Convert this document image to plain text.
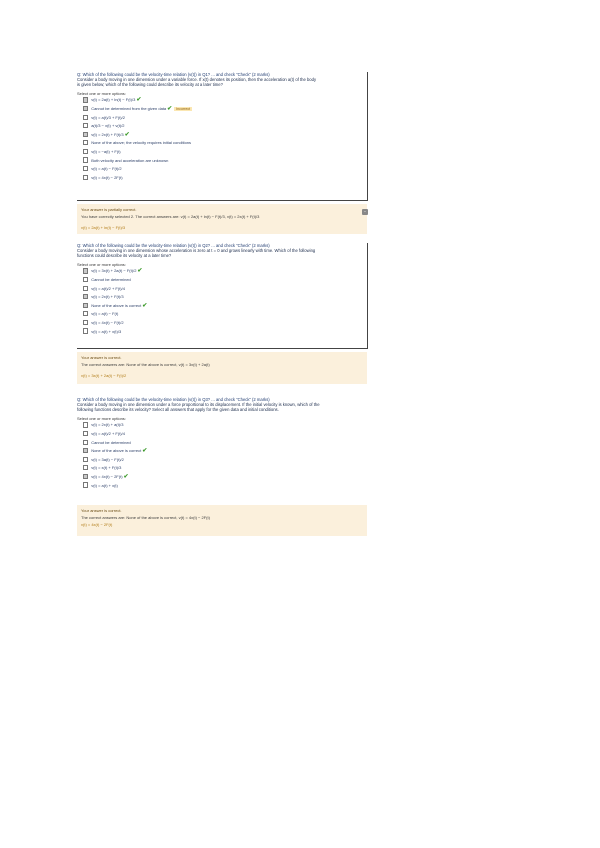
Q: Which of the following could be the velocity-time relation (v(t)) in Q1? ... and check “Check” (2 marks)
Consider a body moving in one dimension under a variable force. If x(t) denotes its position, then the acceleration a(t) of the body
is given below; which of the following could describe its velocity at a later time?
Select one or more options:
v(t) = 2a(t) + ln(t) − F(t)/3 ✔
Cannot be determined from the given data ✔	Incorrect
v(t) = a(t)/3 + F(t)/2
a(t)/3 − x(t) + v(t)/2
v(t) = 2x(t) + F(t)/3 ✔
None of the above; the velocity requires initial conditions
v(t) = −a(t) + F(t)
Both velocity and acceleration are unknown
v(t) = a(t) − F(t)/2
v(t) = 4x(t) − 2F(t)
Your answer is partially correct.
You have correctly selected 2. The correct answers are: v(t) = 2a(t) + ln(t) − F(t)/3, v(t) = 2x(t) + F(t)/3
v(t) = 2a(t) + ln(t) − F(t)/3
−
Q: Which of the following could be the velocity-time relation (v(t)) in Q2? ... and check “Check” (2 marks)
Consider a body moving in one dimension whose acceleration is zero at t = 0 and grows linearly with time. Which of the following
functions could describe its velocity at a later time?
Select one or more options:
v(t) = 3x(t) + 2a(t) − F(t)/2 ✔
Cannot be determined
v(t) = a(t)/2 + F(t)/4
v(t) = 2x(t) + F(t)/3
None of the above is correct ✔
v(t) = a(t) − F(t)
v(t) = 4x(t) − F(t)/2
v(t) = a(t) + x(t)/3
Your answer is correct.
The correct answers are: None of the above is correct, v(t) = 3x(t) + 2a(t)
v(t) = 3x(t) + 2a(t) − F(t)/2
Q: Which of the following could be the velocity-time relation (v(t)) in Q3? ... and check “Check” (2 marks)
Consider a body moving in one dimension under a force proportional to its displacement. If the initial velocity is known, which of the
following functions describe its velocity? Select all answers that apply for the given data and initial conditions.
Select one or more options:
v(t) = 2x(t) + a(t)/3
v(t) = a(t)/2 + F(t)/4
Cannot be determined
None of the above is correct ✔
v(t) = 3a(t) − F(t)/2
v(t) = x(t) + F(t)/3
v(t) = 4x(t) − 2F(t) ✔
v(t) = a(t) + x(t)
Your answer is correct.
The correct answers are: None of the above is correct, v(t) = 4x(t) − 2F(t)
v(t) = 4x(t) − 2F(t)
